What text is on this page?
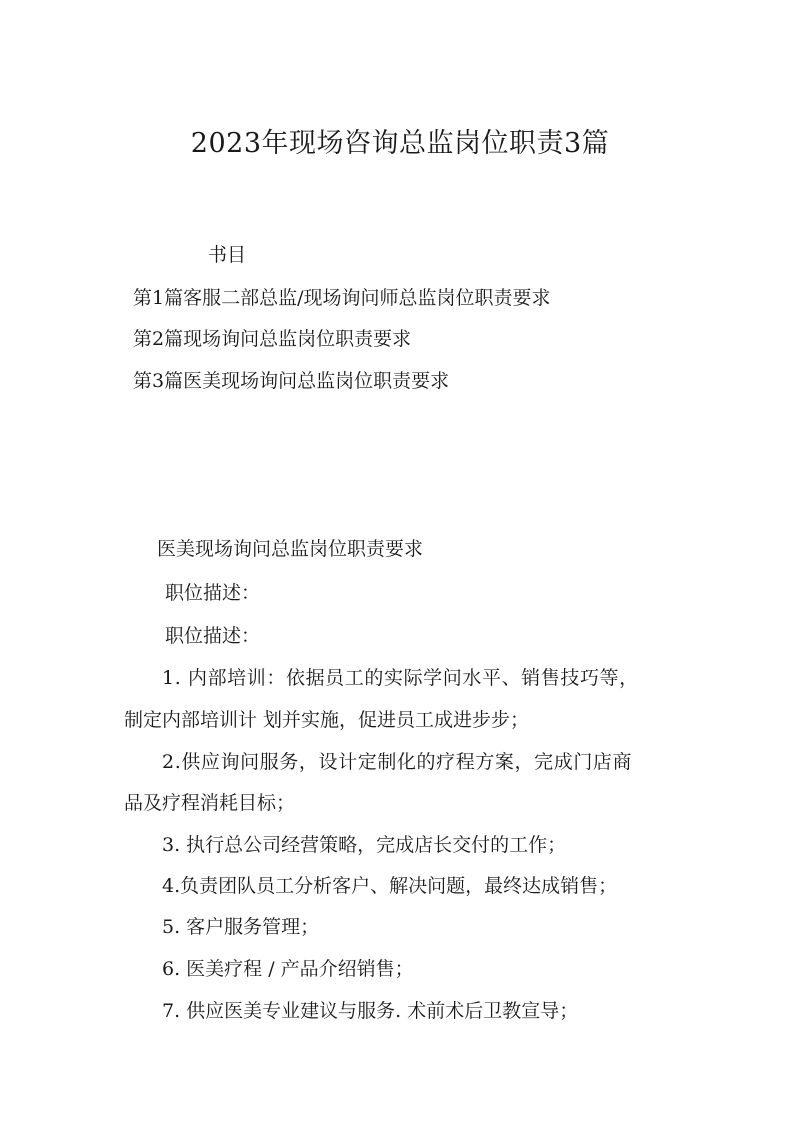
2023年现场咨询总监岗位职责3篇
书目
第1篇客服二部总监/现场询问师总监岗位职责要求
第2篇现场询问总监岗位职责要求
第3篇医美现场询问总监岗位职责要求
医美现场询问总监岗位职责要求
职位描述：
职位描述：
1. 内部培训：依据员工的实际学问水平、销售技巧等，
制定内部培训计 划并实施，促进员工成进步步；
2.供应询问服务，设计定制化的疗程方案，完成门店商
品及疗程消耗目标；
3. 执行总公司经营策略，完成店长交付的工作；
4.负责团队员工分析客户、解决问题，最终达成销售；
5. 客户服务管理；
6. 医美疗程 / 产品介绍销售；
7. 供应医美专业建议与服务. 术前术后卫教宣导；
